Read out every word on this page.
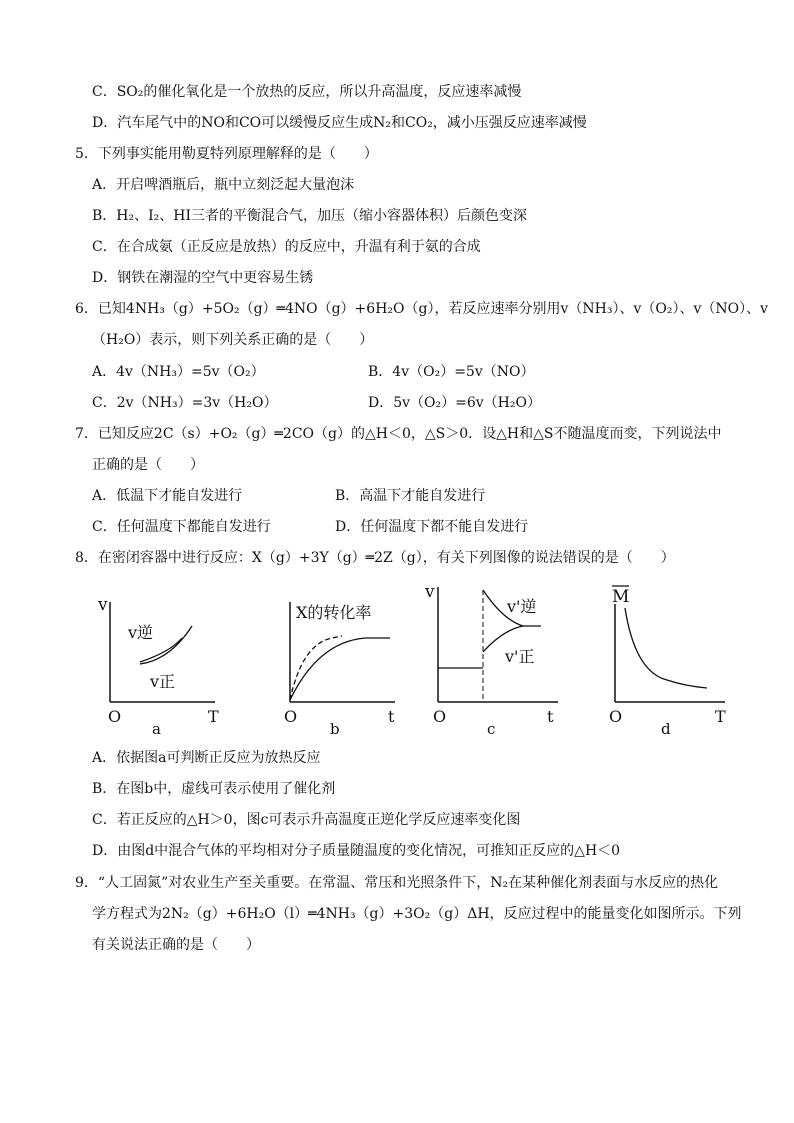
C．SO₂的催化氧化是一个放热的反应，所以升高温度，反应速率减慢
D．汽车尾气中的NO和CO可以缓慢反应生成N₂和CO₂，减小压强反应速率减慢
5．下列事实能用勒夏特列原理解释的是（　　）
A．开启啤酒瓶后，瓶中立刻泛起大量泡沫
B．H₂、I₂、HI三者的平衡混合气，加压（缩小容器体积）后颜色变深
C．在合成氨（正反应是放热）的反应中，升温有利于氨的合成
D．钢铁在潮湿的空气中更容易生锈
6．已知4NH₃（g）+5O₂（g）═4NO（g）+6H₂O（g），若反应速率分别用v（NH₃）、v（O₂）、v（NO）、v
（H₂O）表示，则下列关系正确的是（　　）
A．4v（NH₃）=5v（O₂）	B．4v（O₂）=5v（NO）
C．2v（NH₃）=3v（H₂O）	D．5v（O₂）=6v（H₂O）
7．已知反应2C（s）+O₂（g）═2CO（g）的△H＜0，△S＞0．设△H和△S不随温度而变，下列说法中
正确的是（　　）
A．低温下才能自发进行	B．高温下才能自发进行
C．任何温度下都能自发进行	D．任何温度下都不能自发进行
8．在密闭容器中进行反应：X（g）+3Y（g）═2Z（g），有关下列图像的说法错误的是（　　）
v
O	T
a
v逆
v正
X的转化率
O	t
b
v
O	t
c
v'逆
v'正
M
O	T
d
A．依据图a可判断正反应为放热反应
B．在图b中，虚线可表示使用了催化剂
C．若正反应的△H＞0，图c可表示升高温度正逆化学反应速率变化图
D．由图d中混合气体的平均相对分子质量随温度的变化情况，可推知正反应的△H＜0
9．“人工固氮”对农业生产至关重要。在常温、常压和光照条件下，N₂在某种催化剂表面与水反应的热化
学方程式为2N₂（g）+6H₂O（l）═4NH₃（g）+3O₂（g）ΔH，反应过程中的能量变化如图所示。下列
有关说法正确的是（　　）
